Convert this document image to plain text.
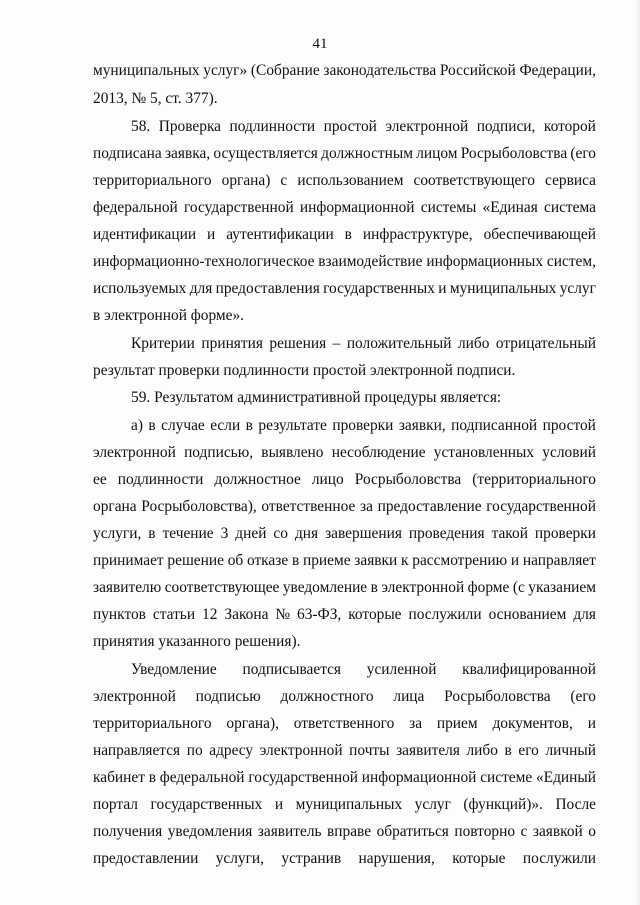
41
муниципальных услуг» (Собрание законодательства Российской Федерации,
2013, № 5, ст. 377).
58. Проверка подлинности простой электронной подписи, которой
подписана заявка, осуществляется должностным лицом Росрыболовства (его
территориального органа) с использованием соответствующего сервиса
федеральной государственной информационной системы «Единая система
идентификации и аутентификации в инфраструктуре, обеспечивающей
информационно-технологическое взаимодействие информационных систем,
используемых для предоставления государственных и муниципальных услуг
в электронной форме».
Критерии принятия решения – положительный либо отрицательный
результат проверки подлинности простой электронной подписи.
59. Результатом административной процедуры является:
а) в случае если в результате проверки заявки, подписанной простой
электронной подписью, выявлено несоблюдение установленных условий
ее подлинности должностное лицо Росрыболовства (территориального
органа Росрыболовства), ответственное за предоставление государственной
услуги, в течение 3 дней со дня завершения проведения такой проверки
принимает решение об отказе в приеме заявки к рассмотрению и направляет
заявителю соответствующее уведомление в электронной форме (с указанием
пунктов статьи 12 Закона № 63-ФЗ, которые послужили основанием для
принятия указанного решения).
Уведомление подписывается усиленной квалифицированной
электронной подписью должностного лица Росрыболовства (его
территориального органа), ответственного за прием документов, и
направляется по адресу электронной почты заявителя либо в его личный
кабинет в федеральной государственной информационной системе «Единый
портал государственных и муниципальных услуг (функций)». После
получения уведомления заявитель вправе обратиться повторно с заявкой о
предоставлении услуги, устранив нарушения, которые послужили
